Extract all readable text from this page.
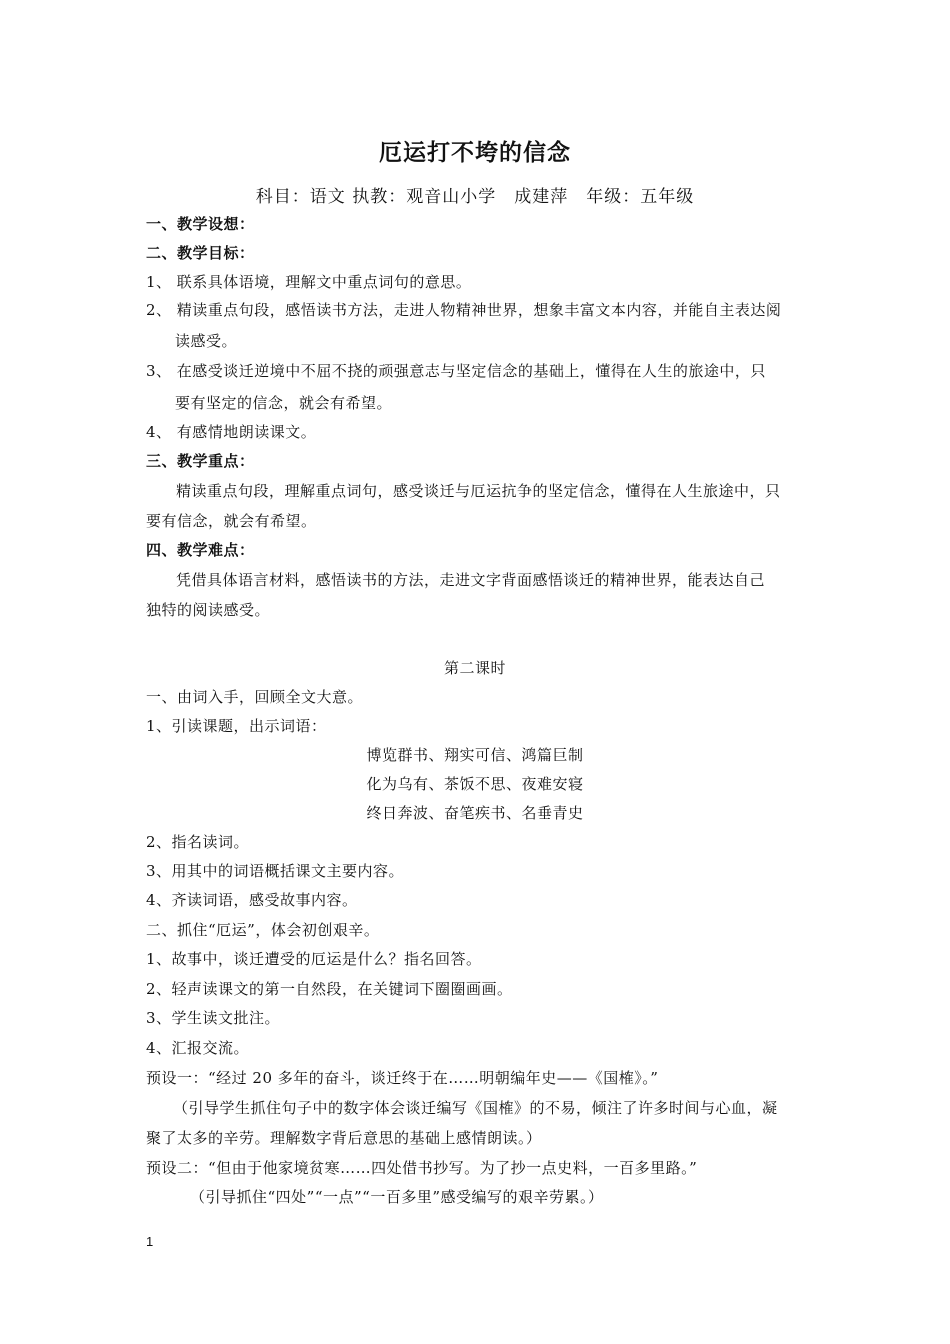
厄运打不垮的信念
科目：语文 执教：观音山小学　成建萍　年级：五年级
一、教学设想：
二、教学目标：
1、 联系具体语境，理解文中重点词句的意思。
2、 精读重点句段，感悟读书方法，走进人物精神世界，想象丰富文本内容，并能自主表达阅
读感受。
3、 在感受谈迁逆境中不屈不挠的顽强意志与坚定信念的基础上，懂得在人生的旅途中，只
要有坚定的信念，就会有希望。
4、 有感情地朗读课文。
三、教学重点：
精读重点句段，理解重点词句，感受谈迁与厄运抗争的坚定信念，懂得在人生旅途中，只
要有信念，就会有希望。
四、教学难点：
凭借具体语言材料，感悟读书的方法，走进文字背面感悟谈迁的精神世界，能表达自己
独特的阅读感受。
第二课时
一、由词入手，回顾全文大意。
1、引读课题，出示词语：
博览群书、翔实可信、鸿篇巨制
化为乌有、茶饭不思、夜难安寝
终日奔波、奋笔疾书、名垂青史
2、指名读词。
3、用其中的词语概括课文主要内容。
4、齐读词语，感受故事内容。
二、抓住“厄运”，体会初创艰辛。
1、故事中，谈迁遭受的厄运是什么？指名回答。
2、轻声读课文的第一自然段，在关键词下圈圈画画。
3、学生读文批注。
4、汇报交流。
预设一：“经过 20 多年的奋斗，谈迁终于在……明朝编年史——《国榷》。”
（引导学生抓住句子中的数字体会谈迁编写《国榷》的不易，倾注了许多时间与心血，凝
聚了太多的辛劳。理解数字背后意思的基础上感情朗读。）
预设二：“但由于他家境贫寒……四处借书抄写。为了抄一点史料，一百多里路。”
（引导抓住“四处”“一点”“一百多里”感受编写的艰辛劳累。）
1
